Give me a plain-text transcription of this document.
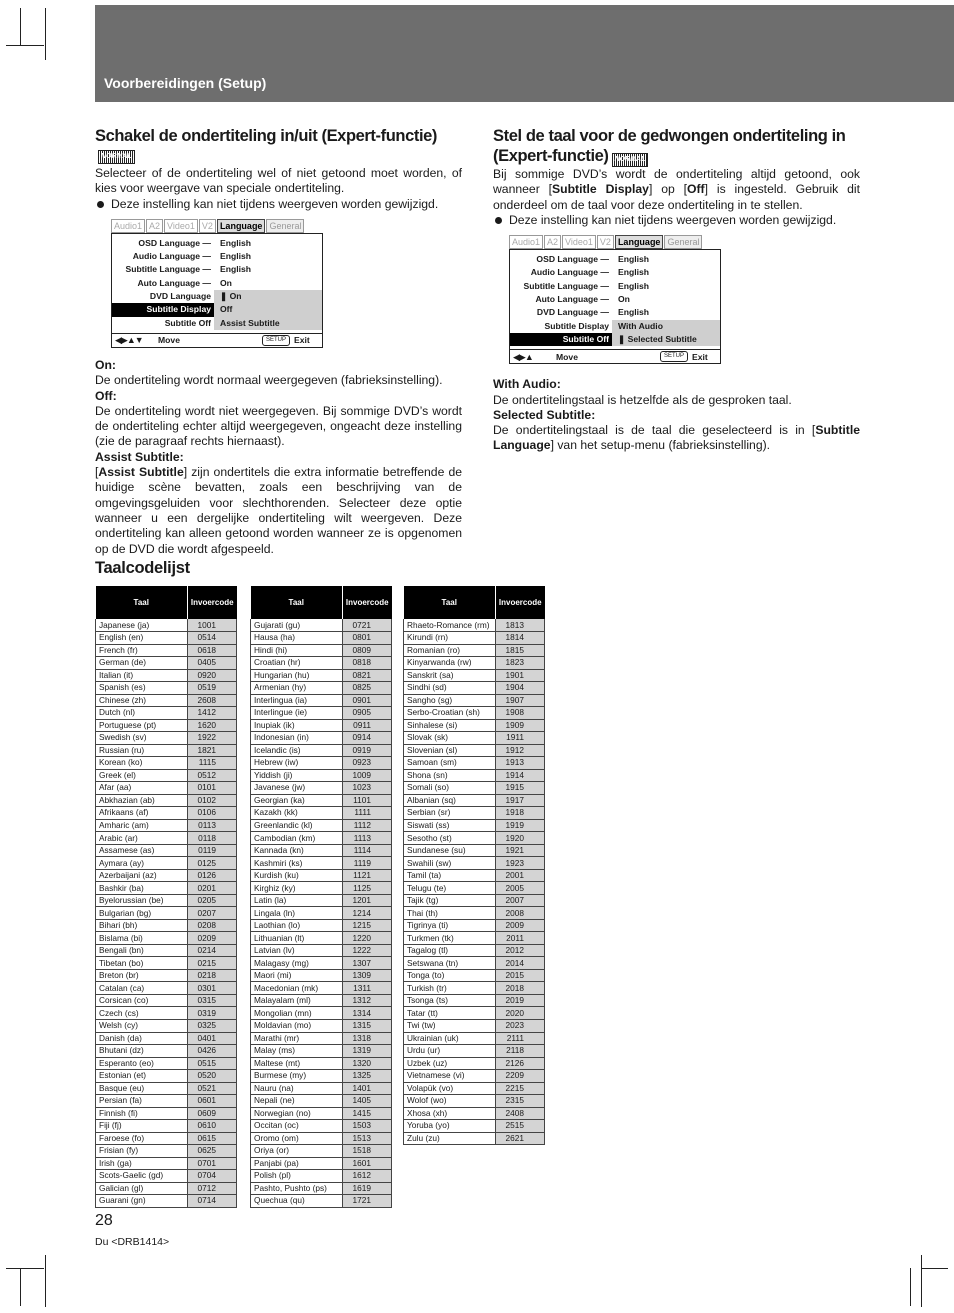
Voorbereidingen (Setup)
Schakel de ondertiteling in/uit (Expert-functie)NORMAL

Selecteer of de ondertiteling wel of niet getoond moet worden, of kies voor weergave van speciale ondertiteling.

Deze instelling kan niet tijdens weergeven worden gewijzigd.

Audio1 A2 Video1 V2 Language General
OSD Language —	English
Audio Language —	English
Subtitle Language —	English
Auto Language —	On
DVD Language	❚ On
Subtitle Display	Off
Subtitle Off	Assist Subtitle
◀▶▲▼	Move	SETUP Exit

On:

De ondertiteling wordt normaal weergegeven (fabrieksinstelling).

Off:

De ondertiteling wordt niet weergegeven. Bij sommige DVD’s wordt de ondertiteling echter altijd weergegeven, ongeacht deze instelling (zie de paragraaf rechts hiernaast).

Assist Subtitle:

[Assist Subtitle] zijn ondertitels die extra informatie betreffende de huidige scène bevatten, zoals een beschrijving van de omgevingsgeluiden voor slechthorenden. Selecteer deze optie wanneer u een dergelijke ondertiteling wilt weergeven. Deze ondertiteling kan alleen getoond worden wanneer ze is opgenomen op de DVD die wordt afgespeeld.

Stel de taal voor de gedwongen ondertiteling in (Expert-functie) NORMAL

Bij sommige DVD’s wordt de ondertiteling altijd getoond, ook wanneer [Subtitle Display] op [Off] is ingesteld. Gebruik dit onderdeel om de taal voor deze ondertiteling in te stellen.

Deze instelling kan niet tijdens weergeven worden gewijzigd.

Audio1 A2 Video1 V2 Language General
OSD Language —	English
Audio Language —	English
Subtitle Language —	English
Auto Language —	On
DVD Language —	English
Subtitle Display	With Audio
Subtitle Off	❚ Selected Subtitle
◀▶▲	Move	SETUP Exit

With Audio:

De ondertitelingstaal is hetzelfde als de gesproken taal.

Selected Subtitle:

De ondertitelingstaal is de taal die geselecteerd is in [Subtitle Language] van het setup-menu (fabrieksinstelling).

Taalcodelijst
Taal	Invoercode
Japanese (ja)	1001
English (en)	0514
French (fr)	0618
German (de)	0405
Italian (it)	0920
Spanish (es)	0519
Chinese (zh)	2608
Dutch (nl)	1412
Portuguese (pt)	1620
Swedish (sv)	1922
Russian (ru)	1821
Korean (ko)	1115
Greek (el)	0512
Afar (aa)	0101
Abkhazian (ab)	0102
Afrikaans (af)	0106
Amharic (am)	0113
Arabic (ar)	0118
Assamese (as)	0119
Aymara (ay)	0125
Azerbaijani (az)	0126
Bashkir (ba)	0201
Byelorussian (be)	0205
Bulgarian (bg)	0207
Bihari (bh)	0208
Bislama (bi)	0209
Bengali (bn)	0214
Tibetan (bo)	0215
Breton (br)	0218
Catalan (ca)	0301
Corsican (co)	0315
Czech (cs)	0319
Welsh (cy)	0325
Danish (da)	0401
Bhutani (dz)	0426
Esperanto (eo)	0515
Estonian (et)	0520
Basque (eu)	0521
Persian (fa)	0601
Finnish (fi)	0609
Fiji (fj)	0610
Faroese (fo)	0615
Frisian (fy)	0625
Irish (ga)	0701
Scots-Gaelic (gd)	0704
Galician (gl)	0712
Guarani (gn)	0714
Taal	Invoercode
Gujarati (gu)	0721
Hausa (ha)	0801
Hindi (hi)	0809
Croatian (hr)	0818
Hungarian (hu)	0821
Armenian (hy)	0825
Interlingua (ia)	0901
Interlingue (ie)	0905
Inupiak (ik)	0911
Indonesian (in)	0914
Icelandic (is)	0919
Hebrew (iw)	0923
Yiddish (ji)	1009
Javanese (jw)	1023
Georgian (ka)	1101
Kazakh (kk)	1111
Greenlandic (kl)	1112
Cambodian (km)	1113
Kannada (kn)	1114
Kashmiri (ks)	1119
Kurdish (ku)	1121
Kirghiz (ky)	1125
Latin (la)	1201
Lingala (ln)	1214
Laothian (lo)	1215
Lithuanian (lt)	1220
Latvian (lv)	1222
Malagasy (mg)	1307
Maori (mi)	1309
Macedonian (mk)	1311
Malayalam (ml)	1312
Mongolian (mn)	1314
Moldavian (mo)	1315
Marathi (mr)	1318
Malay (ms)	1319
Maltese (mt)	1320
Burmese (my)	1325
Nauru (na)	1401
Nepali (ne)	1405
Norwegian (no)	1415
Occitan (oc)	1503
Oromo (om)	1513
Oriya (or)	1518
Panjabi (pa)	1601
Polish (pl)	1612
Pashto, Pushto (ps)	1619
Quechua (qu)	1721
Taal	Invoercode
Rhaeto-Romance (rm)	1813
Kirundi (rn)	1814
Romanian (ro)	1815
Kinyarwanda (rw)	1823
Sanskrit (sa)	1901
Sindhi (sd)	1904
Sangho (sg)	1907
Serbo-Croatian (sh)	1908
Sinhalese (si)	1909
Slovak (sk)	1911
Slovenian (sl)	1912
Samoan (sm)	1913
Shona (sn)	1914
Somali (so)	1915
Albanian (sq)	1917
Serbian (sr)	1918
Siswati (ss)	1919
Sesotho (st)	1920
Sundanese (su)	1921
Swahili (sw)	1923
Tamil (ta)	2001
Telugu (te)	2005
Tajik (tg)	2007
Thai (th)	2008
Tigrinya (ti)	2009
Turkmen (tk)	2011
Tagalog (tl)	2012
Setswana (tn)	2014
Tonga (to)	2015
Turkish (tr)	2018
Tsonga (ts)	2019
Tatar (tt)	2020
Twi (tw)	2023
Ukrainian (uk)	2111
Urdu (ur)	2118
Uzbek (uz)	2126
Vietnamese (vi)	2209
Volapük (vo)	2215
Wolof (wo)	2315
Xhosa (xh)	2408
Yoruba (yo)	2515
Zulu (zu)	2621
28
Du <DRB1414>
